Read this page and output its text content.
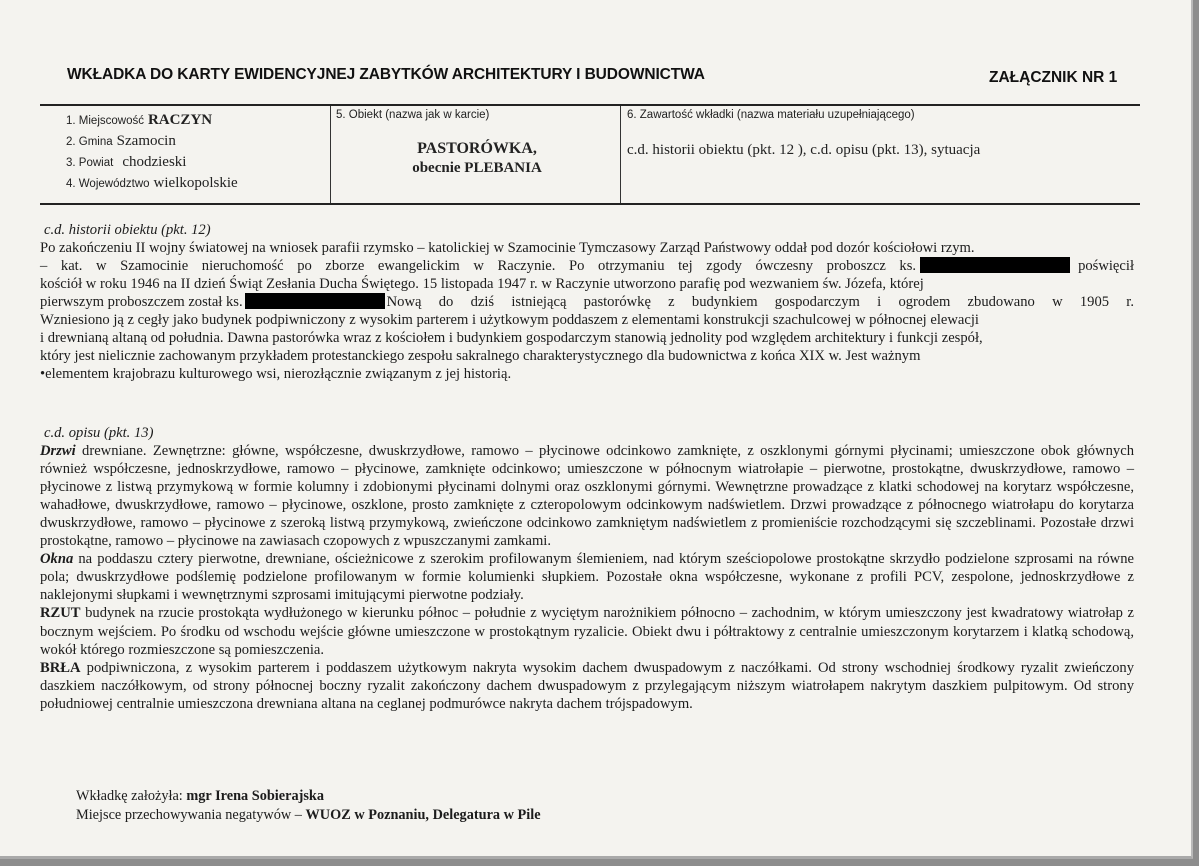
WKŁADKA DO KARTY EWIDENCYJNEJ ZABYTKÓW ARCHITEKTURY I BUDOWNICTWA	ZAŁĄCZNIK NR 1
1. Miejscowość RACZYN
2. Gmina Szamocin
3. Powiat chodzieski
4. Województwo wielkopolskie
5. Obiekt (nazwa jak w karcie)
PASTORÓWKA,
obecnie PLEBANIA
6. Zawartość wkładki (nazwa materiału uzupełniającego)
c.d. historii obiektu (pkt. 12 ), c.d. opisu (pkt. 13), sytuacja

c.d. historii obiektu (pkt. 12)

Po zakończeniu II wojny światowej na wniosek parafii rzymsko – katolickiej w Szamocinie Tymczasowy Zarząd Państwowy oddał pod dozór kościołowi rzym.

– kat. w Szamocinie nieruchomość po zborze ewangelickim w Raczynie. Po otrzymaniu tej zgody ówczesny proboszcz ks.	poświęcił

kościół w roku 1946 na II dzień Świąt Zesłania Ducha Świętego. 15 listopada 1947 r. w Raczynie utworzono parafię pod wezwaniem św. Józefa, której

pierwszym proboszczem został ks.	Nową do dziś istniejącą pastorówkę z budynkiem gospodarczym i ogrodem zbudowano w 1905 r.

Wzniesiono ją z cegły jako budynek podpiwniczony z wysokim parterem i użytkowym poddaszem z elementami konstrukcji szachulcowej w północnej elewacji

i drewnianą altaną od południa. Dawna pastorówka wraz z kościołem i budynkiem gospodarczym stanowią jednolity pod względem architektury i funkcji zespół,

który jest nielicznie zachowanym przykładem protestanckiego zespołu sakralnego charakterystycznego dla budownictwa z końca XIX w. Jest ważnym

•elementem krajobrazu kulturowego wsi, nierozłącznie związanym z jej historią.

c.d. opisu (pkt. 13)

Drzwi drewniane. Zewnętrzne: główne, współczesne, dwuskrzydłowe, ramowo – płycinowe odcinkowo zamknięte, z oszklonymi górnymi płycinami; umieszczone obok głównych również współczesne, jednoskrzydłowe, ramowo – płycinowe, zamknięte odcinkowo; umieszczone w północnym wiatrołapie – pierwotne, prostokątne, dwuskrzydłowe, ramowo – płycinowe z listwą przymykową w formie kolumny i zdobionymi płycinami dolnymi oraz oszklonymi górnymi. Wewnętrzne prowadzące z klatki schodowej na korytarz współczesne, wahadłowe, dwuskrzydłowe, ramowo – płycinowe, oszklone, prosto zamknięte z czteropolowym odcinkowym nadświetlem. Drzwi prowadzące z północnego wiatrołapu do korytarza dwuskrzydłowe, ramowo – płycinowe z szeroką listwą przymykową, zwieńczone odcinkowo zamkniętym nadświetlem z promieniście rozchodzącymi się szczeblinami. Pozostałe drzwi prostokątne, ramowo – płycinowe na zawiasach czopowych z wpuszczanymi zamkami.

Okna na poddaszu cztery pierwotne, drewniane, ościeżnicowe z szerokim profilowanym ślemieniem, nad którym sześciopolowe prostokątne skrzydło podzielone szprosami na równe pola; dwuskrzydłowe podślemię podzielone profilowanym w formie kolumienki słupkiem. Pozostałe okna współczesne, wykonane z profili PCV, zespolone, jednoskrzydłowe z naklejonymi słupkami i wewnętrznymi szprosami imitującymi pierwotne podziały.

RZUT budynek na rzucie prostokąta wydłużonego w kierunku północ – południe z wyciętym narożnikiem północno – zachodnim, w którym umieszczony jest kwadratowy wiatrołap z bocznym wejściem. Po środku od wschodu wejście główne umieszczone w prostokątnym ryzalicie. Obiekt dwu i półtraktowy z centralnie umieszczonym korytarzem i klatką schodową, wokół którego rozmieszczone są pomieszczenia.

BRŁA podpiwniczona, z wysokim parterem i poddaszem użytkowym nakryta wysokim dachem dwuspadowym z naczółkami. Od strony wschodniej środkowy ryzalit zwieńczony daszkiem naczółkowym, od strony północnej boczny ryzalit zakończony dachem dwuspadowym z przylegającym niższym wiatrołapem nakrytym daszkiem pulpitowym. Od strony południowej centralnie umieszczona drewniana altana na ceglanej podmurówce nakryta dachem trójspadowym.

Wkładkę założyła: mgr Irena Sobierajska
Miejsce przechowywania negatywów – WUOZ w Poznaniu, Delegatura w Pile
